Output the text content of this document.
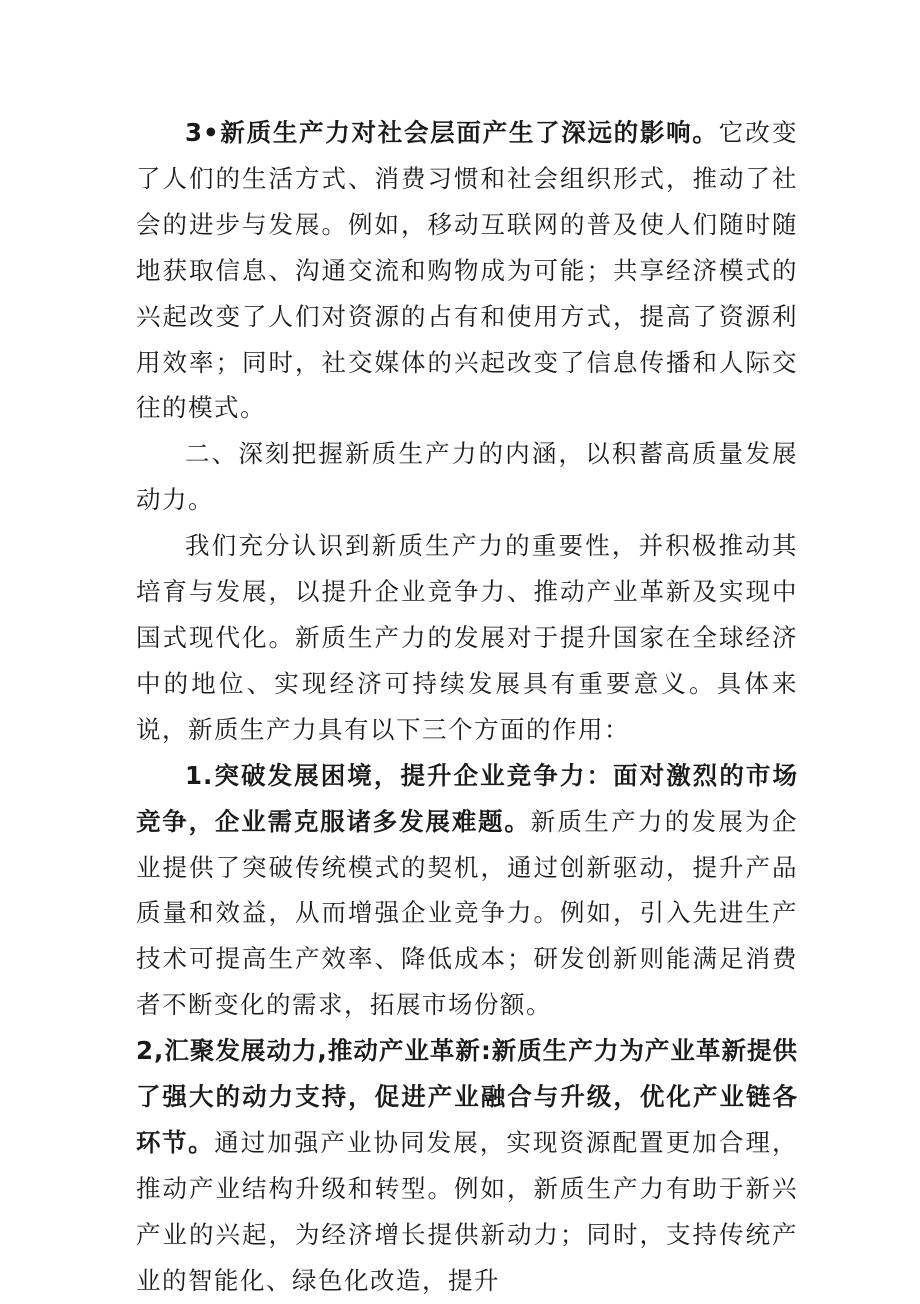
3•新质生产力对社会层面产生了深远的影响。它改变了人们的生活方式、消费习惯和社会组织形式，推动了社会的进步与发展。例如，移动互联网的普及使人们随时随地获取信息、沟通交流和购物成为可能；共享经济模式的兴起改变了人们对资源的占有和使用方式，提高了资源利用效率；同时，社交媒体的兴起改变了信息传播和人际交往的模式。

二、深刻把握新质生产力的内涵，以积蓄高质量发展动力。

我们充分认识到新质生产力的重要性，并积极推动其培育与发展，以提升企业竞争力、推动产业革新及实现中国式现代化。新质生产力的发展对于提升国家在全球经济中的地位、实现经济可持续发展具有重要意义。具体来说，新质生产力具有以下三个方面的作用：

1.突破发展困境，提升企业竞争力：面对激烈的市场竞争，企业需克服诸多发展难题。新质生产力的发展为企业提供了突破传统模式的契机，通过创新驱动，提升产品质量和效益，从而增强企业竞争力。例如，引入先进生产技术可提高生产效率、降低成本；研发创新则能满足消费者不断变化的需求，拓展市场份额。

2,汇聚发展动力,推动产业革新:新质生产力为产业革新提供了强大的动力支持，促进产业融合与升级，优化产业链各环节。通过加强产业协同发展，实现资源配置更加合理，推动产业结构升级和转型。例如，新质生产力有助于新兴产业的兴起，为经济增长提供新动力；同时，支持传统产业的智能化、绿色化改造，提升
